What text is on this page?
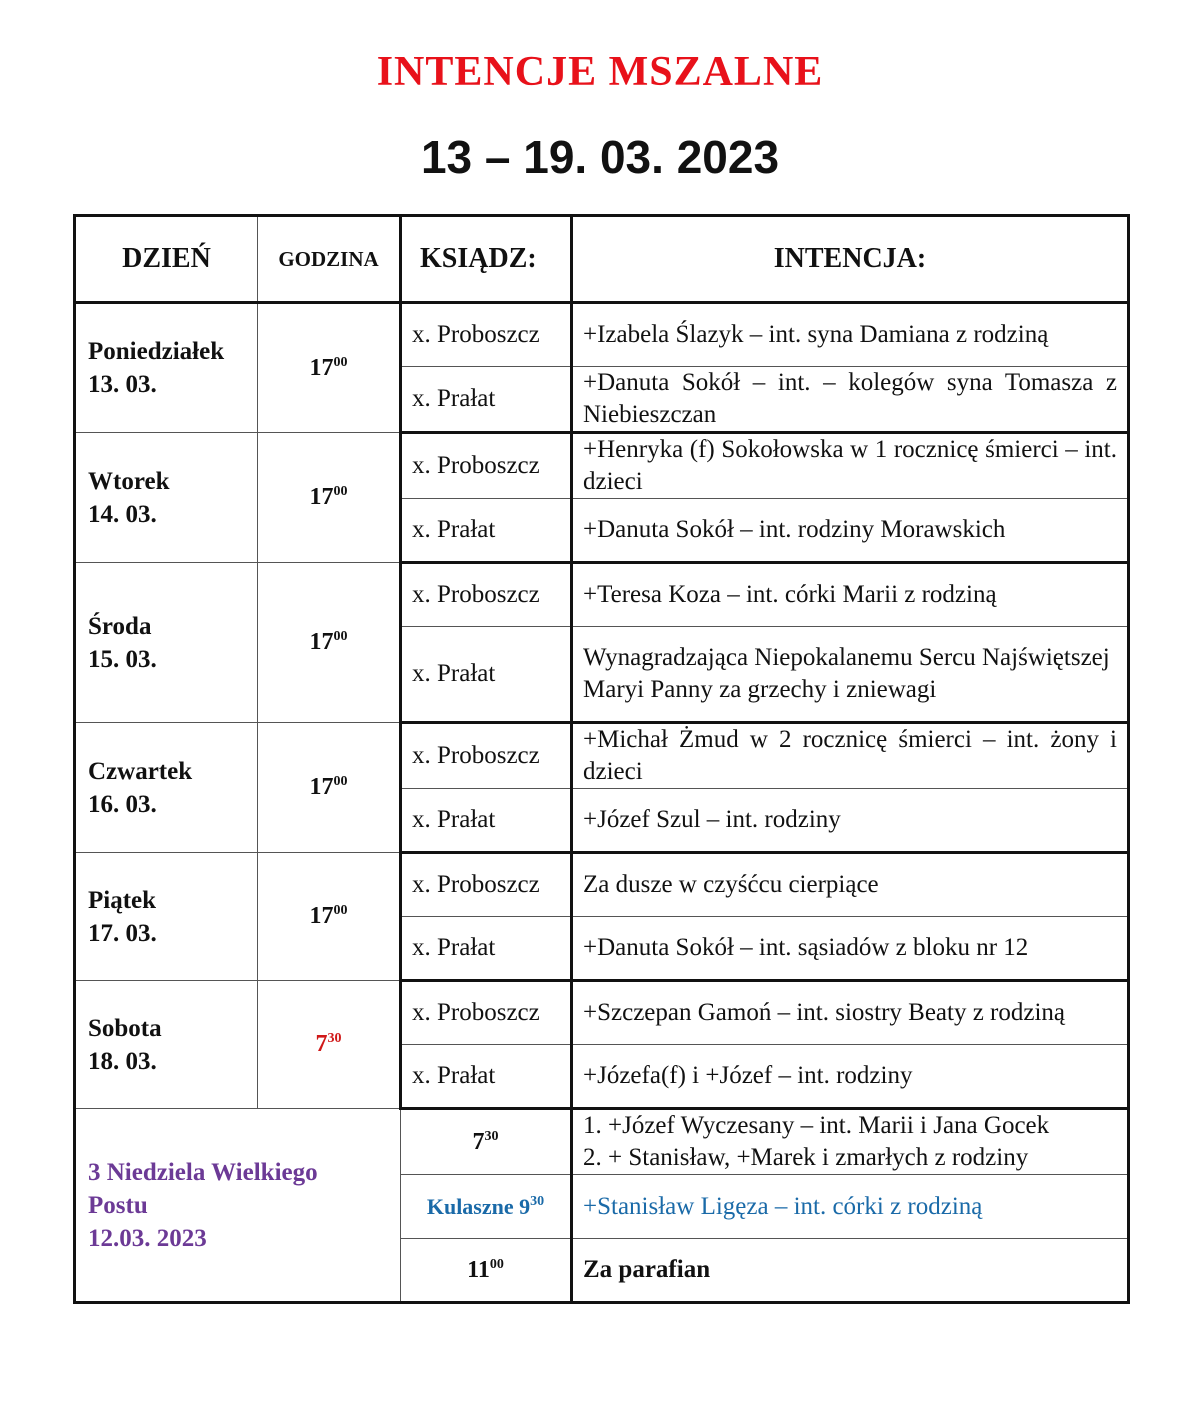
INTENCJE MSZALNE
13 – 19. 03. 2023
DZIEŃ	GODZINA	KSIĄDZ:	INTENCJA:
Poniedziałek
13. 03.	$17^{00}$	x. Proboszcz	+Izabela Ślazyk – int. syna Damiana z rodziną
		x. Prałat	+Danuta Sokół – int. – kolegów syna Tomasza z Niebieszczan
Wtorek
14. 03.	$17^{00}$	x. Proboszcz	+Henryka (f) Sokołowska w 1 rocznicę śmierci – int. dzieci
		x. Prałat	+Danuta Sokół – int. rodziny Morawskich
Środa
15. 03.	$17^{00}$	x. Proboszcz	+Teresa Koza – int. córki Marii z rodziną
		x. Prałat	Wynagradzająca Niepokalanemu Sercu Najświętszej Maryi Panny za grzechy i zniewagi
Czwartek
16. 03.	$17^{00}$	x. Proboszcz	+Michał Żmud w 2 rocznicę śmierci – int. żony i dzieci
		x. Prałat	+Józef Szul – int. rodziny
Piątek
17. 03.	$17^{00}$	x. Proboszcz	Za dusze w czyśćcu cierpiące
		x. Prałat	+Danuta Sokół – int. sąsiadów z bloku nr 12
Sobota
18. 03.	$7^{30}$	x. Proboszcz	+Szczepan Gamoń – int. siostry Beaty z rodziną
		x. Prałat	+Józefa(f) i +Józef – int. rodziny
3 Niedziela Wielkiego
Postu
12.03. 2023		$7^{30}$	1. +Józef Wyczesany – int. Marii i Jana Gocek
2. + Stanisław, +Marek i zmarłych z rodziny
		Kulaszne $9^{30}$	+Stanisław Ligęza – int. córki z rodziną
		$11^{00}$	Za parafian
